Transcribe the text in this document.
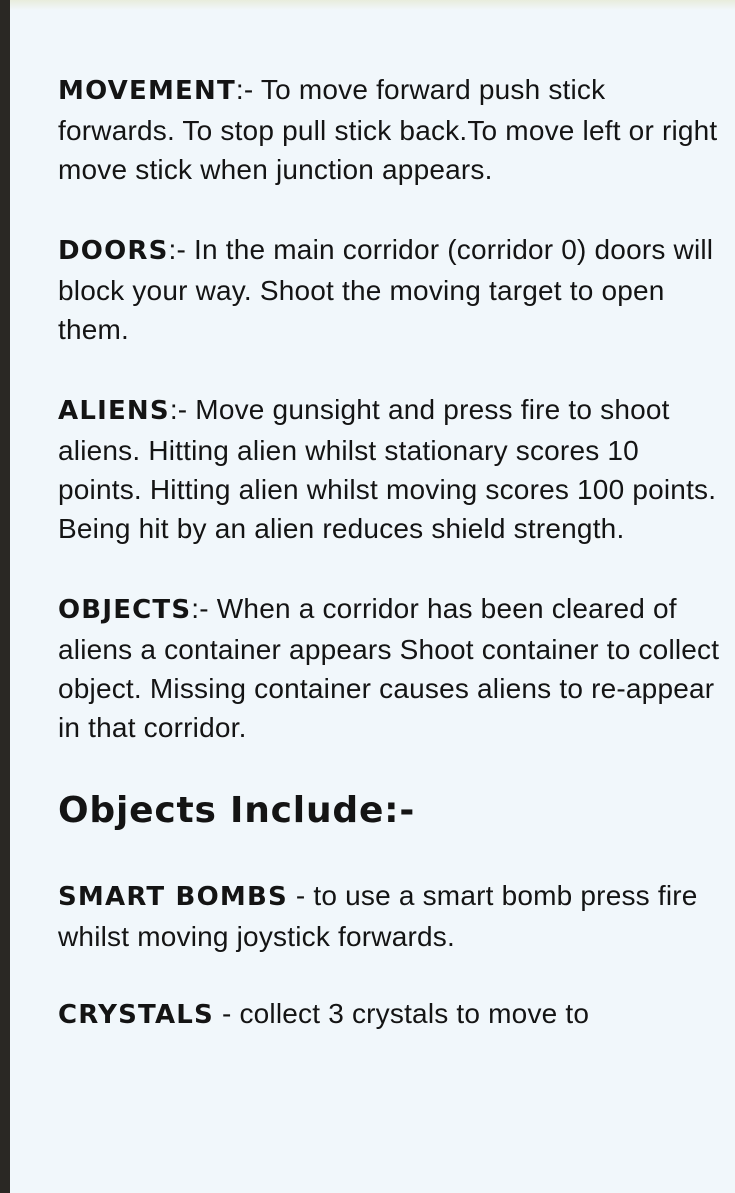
MOVEMENT:- To move forward push stick forwards. To stop pull stick back.To move left or right move stick when junction appears.

DOORS:- In the main corridor (corridor 0) doors will block your way. Shoot the moving target to open them.

ALIENS:- Move gunsight and press fire to shoot aliens. Hitting alien whilst stationary scores 10 points. Hitting alien whilst moving scores 100 points. Being hit by an alien reduces shield strength.

OBJECTS:- When a corridor has been cleared of aliens a container appears Shoot container to collect object. Missing container causes aliens to re-appear in that corridor.

Objects Include:-

SMART BOMBS - to use a smart bomb press fire whilst moving joystick forwards.

CRYSTALS - collect 3 crystals to move to
